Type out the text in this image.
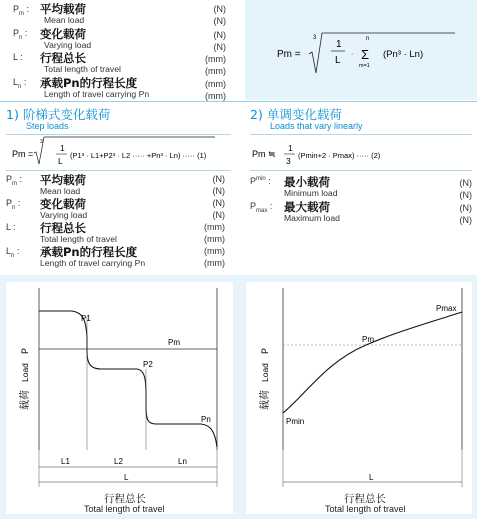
$P_m$ : 平均载荷
Mean load
(N)
(N)
$P_n$ : 变化载荷
Varying load
(N)
(N)
L : 行程总长
Total length of travel
(mm)
(mm)
$L_n$ : 承载Pn的行程长度
Length of travel carrying Pn
(mm)
(mm)
Pm =
3
1
L
·
n
Σ
m=1
(Pn³ · Ln)
1) 阶梯式变化载荷
Step loads
Pm =
3
1
L
(P1³ · L1+P2³ · L2 ····· +Pn³ · Ln) ····· (1)
$P_m$ : 平均载荷
Mean load
(N)
(N)
$P_n$ : 变化载荷
Varying load
(N)
(N)
L : 行程总长
Total length of travel
(mm)
(mm)
$L_n$ : 承载Pn的行程长度
Length of travel carrying Pn
(mm)
(mm)
2) 单调变化载荷
Loads that vary linearly
Pm ≒
1
3
(Pmin+2 · Pmax) ····· (2)
$P^{min}$ : 最小载荷
Minimum load
(N)
(N)
$P_{max}$ : 最大载荷
Maximum load
(N)
(N)
载荷
Load
P
P1
P2
Pn
Pm
L1	L2	Ln
L
行程总长
Total length of travel
载荷
Load
P
Pmax
Pm
Pmin
L
行程总长
Total length of travel
